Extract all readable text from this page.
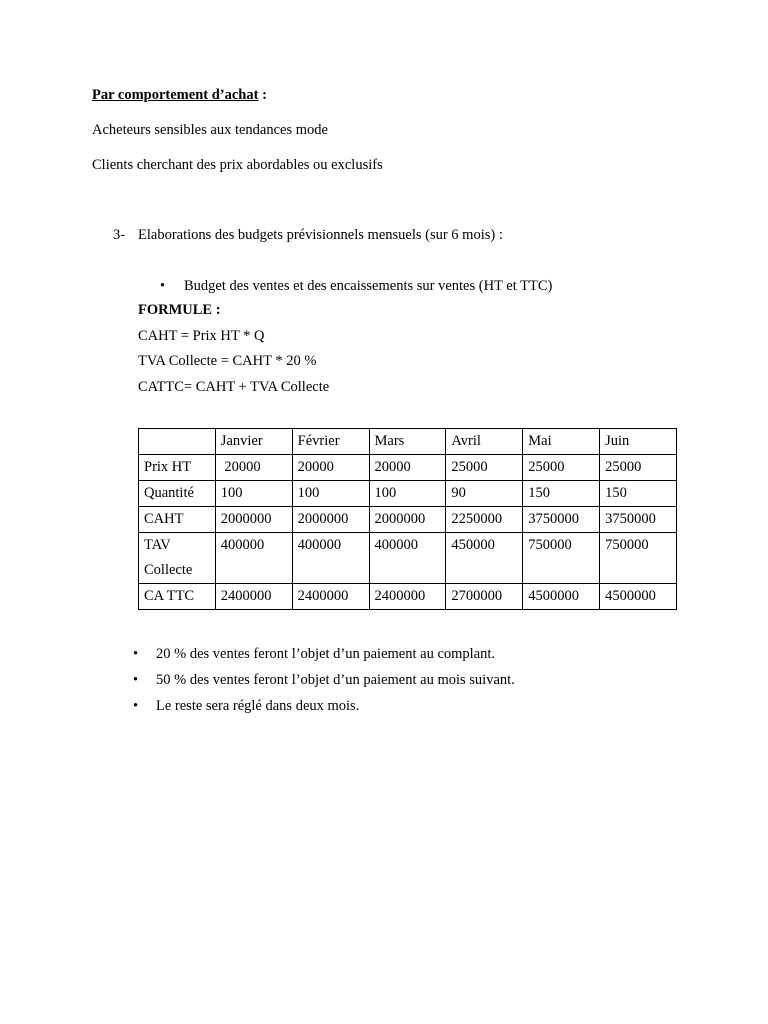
Par comportement d’achat :
Acheteurs sensibles aux tendances mode
Clients cherchant des prix abordables ou exclusifs
3- Elaborations des budgets prévisionnels mensuels (sur 6 mois) :
• Budget des ventes et des encaissements sur ventes (HT et TTC)
FORMULE :
CAHT = Prix HT * Q
TVA Collecte = CAHT * 20 %
CATTC= CAHT + TVA Collecte
	Janvier	Février	Mars	Avril	Mai	Juin
Prix HT	20000	20000	20000	25000	25000	25000
Quantité	100	100	100	90	150	150
CAHT	2000000	2000000	2000000	2250000	3750000	3750000

TAV
Collecte	400000	400000	400000	450000	750000	750000
CA TTC	2400000	2400000	2400000	2700000	4500000	4500000
• 20 % des ventes feront l’objet d’un paiement au complant.
• 50 % des ventes feront l’objet d’un paiement au mois suivant.
• Le reste sera réglé dans deux mois.
